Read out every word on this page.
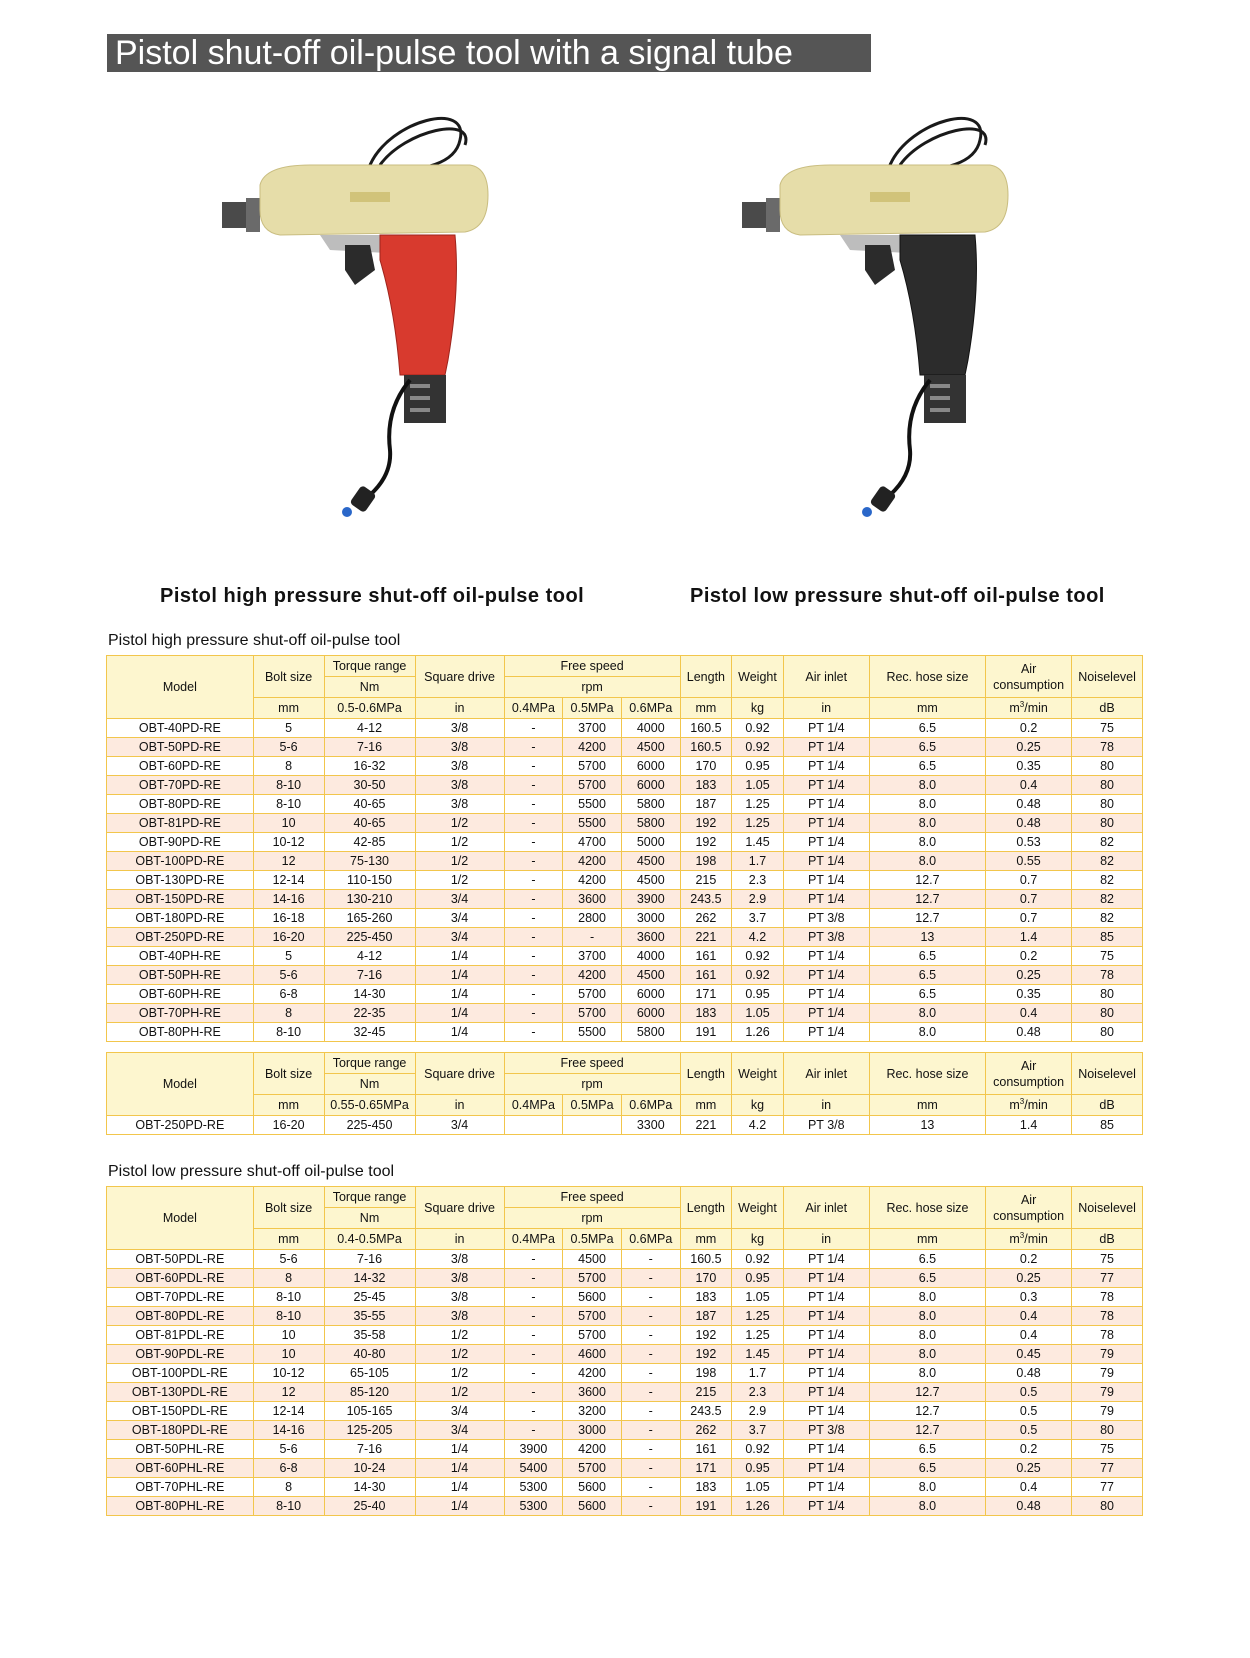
Pistol shut-off oil-pulse tool with a signal tube
Pistol high pressure shut-off oil-pulse tool	Pistol low pressure shut-off oil-pulse tool
Pistol high pressure shut-off oil-pulse tool
Model	Bolt size	Torque range	Square drive	Free speed			Length	Weight	Air inlet	Rec. hose size	Air
consumption	Noiselevel
		Nm		rpm								
	mm	0.5-0.6MPa	in	0.4MPa	0.5MPa	0.6MPa	mm	kg	in	mm	$m^3/\min$	dB
OBT-40PD-RE	5	4-12	3/8	-	3700	4000	160.5	0.92	PT 1/4	6.5	0.2	75
OBT-50PD-RE	5-6	7-16	3/8	-	4200	4500	160.5	0.92	PT 1/4	6.5	0.25	78
OBT-60PD-RE	8	16-32	3/8	-	5700	6000	170	0.95	PT 1/4	6.5	0.35	80
OBT-70PD-RE	8-10	30-50	3/8	-	5700	6000	183	1.05	PT 1/4	8.0	0.4	80
OBT-80PD-RE	8-10	40-65	3/8	-	5500	5800	187	1.25	PT 1/4	8.0	0.48	80
OBT-81PD-RE	10	40-65	1/2	-	5500	5800	192	1.25	PT 1/4	8.0	0.48	80
OBT-90PD-RE	10-12	42-85	1/2	-	4700	5000	192	1.45	PT 1/4	8.0	0.53	82
OBT-100PD-RE	12	75-130	1/2	-	4200	4500	198	1.7	PT 1/4	8.0	0.55	82
OBT-130PD-RE	12-14	110-150	1/2	-	4200	4500	215	2.3	PT 1/4	12.7	0.7	82
OBT-150PD-RE	14-16	130-210	3/4	-	3600	3900	243.5	2.9	PT 1/4	12.7	0.7	82
OBT-180PD-RE	16-18	165-260	3/4	-	2800	3000	262	3.7	PT 3/8	12.7	0.7	82
OBT-250PD-RE	16-20	225-450	3/4	-	-	3600	221	4.2	PT 3/8	13	1.4	85
OBT-40PH-RE	5	4-12	1/4	-	3700	4000	161	0.92	PT 1/4	6.5	0.2	75
OBT-50PH-RE	5-6	7-16	1/4	-	4200	4500	161	0.92	PT 1/4	6.5	0.25	78
OBT-60PH-RE	6-8	14-30	1/4	-	5700	6000	171	0.95	PT 1/4	6.5	0.35	80
OBT-70PH-RE	8	22-35	1/4	-	5700	6000	183	1.05	PT 1/4	8.0	0.4	80
OBT-80PH-RE	8-10	32-45	1/4	-	5500	5800	191	1.26	PT 1/4	8.0	0.48	80
Model	Bolt size	Torque range	Square drive	Free speed			Length	Weight	Air inlet	Rec. hose size	Air
consumption	Noiselevel
		Nm		rpm								
	mm	0.55-0.65MPa	in	0.4MPa	0.5MPa	0.6MPa	mm	kg	in	mm	$m^3/\min$	dB
OBT-250PD-RE	16-20	225-450	3/4			3300	221	4.2	PT 3/8	13	1.4	85
Pistol low pressure shut-off oil-pulse tool
Model	Bolt size	Torque range	Square drive	Free speed			Length	Weight	Air inlet	Rec. hose size	Air
consumption	Noiselevel
		Nm		rpm								
	mm	0.4-0.5MPa	in	0.4MPa	0.5MPa	0.6MPa	mm	kg	in	mm	$m^3/\min$	dB
OBT-50PDL-RE	5-6	7-16	3/8	-	4500	-	160.5	0.92	PT 1/4	6.5	0.2	75
OBT-60PDL-RE	8	14-32	3/8	-	5700	-	170	0.95	PT 1/4	6.5	0.25	77
OBT-70PDL-RE	8-10	25-45	3/8	-	5600	-	183	1.05	PT 1/4	8.0	0.3	78
OBT-80PDL-RE	8-10	35-55	3/8	-	5700	-	187	1.25	PT 1/4	8.0	0.4	78
OBT-81PDL-RE	10	35-58	1/2	-	5700	-	192	1.25	PT 1/4	8.0	0.4	78
OBT-90PDL-RE	10	40-80	1/2	-	4600	-	192	1.45	PT 1/4	8.0	0.45	79
OBT-100PDL-RE	10-12	65-105	1/2	-	4200	-	198	1.7	PT 1/4	8.0	0.48	79
OBT-130PDL-RE	12	85-120	1/2	-	3600	-	215	2.3	PT 1/4	12.7	0.5	79
OBT-150PDL-RE	12-14	105-165	3/4	-	3200	-	243.5	2.9	PT 1/4	12.7	0.5	79
OBT-180PDL-RE	14-16	125-205	3/4	-	3000	-	262	3.7	PT 3/8	12.7	0.5	80
OBT-50PHL-RE	5-6	7-16	1/4	3900	4200	-	161	0.92	PT 1/4	6.5	0.2	75
OBT-60PHL-RE	6-8	10-24	1/4	5400	5700	-	171	0.95	PT 1/4	6.5	0.25	77
OBT-70PHL-RE	8	14-30	1/4	5300	5600	-	183	1.05	PT 1/4	8.0	0.4	77
OBT-80PHL-RE	8-10	25-40	1/4	5300	5600	-	191	1.26	PT 1/4	8.0	0.48	80
